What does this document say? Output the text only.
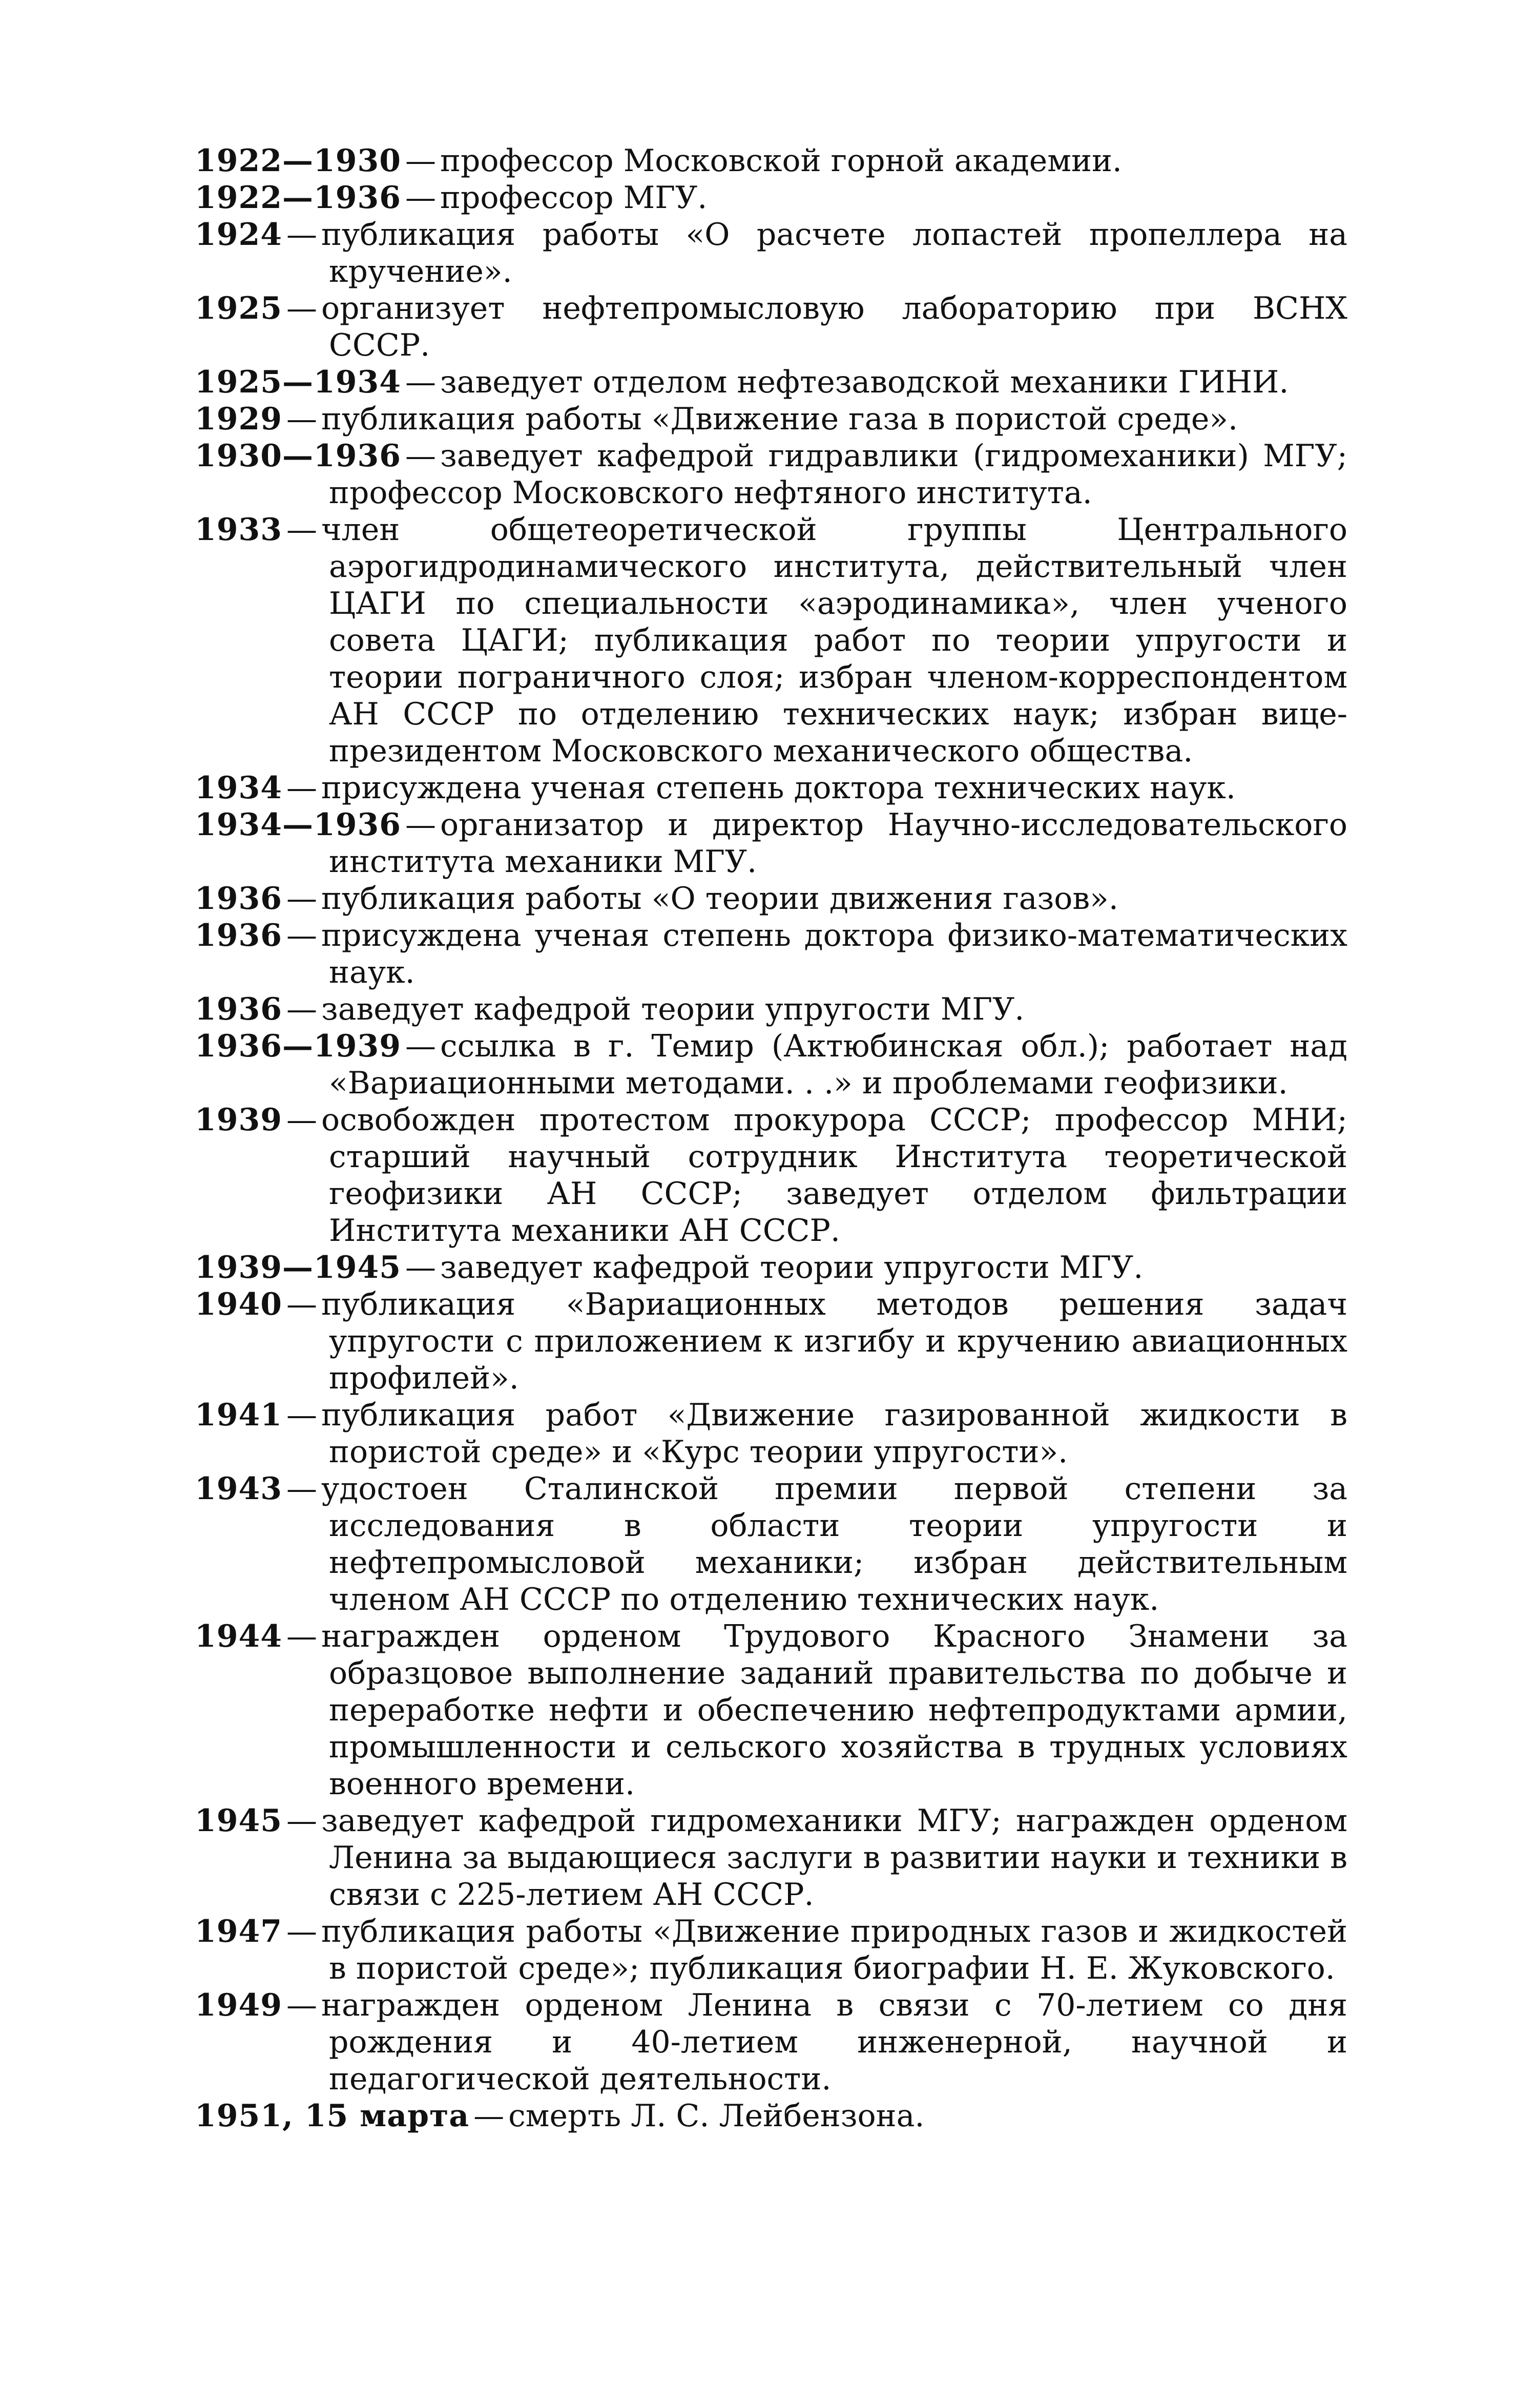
1922—1930 — профессор Московской горной академии.

1922—1936 — профессор МГУ.

1924 — публикация работы «О расчете лопастей пропеллера на кручение».

1925 — организует нефтепромысловую лабораторию при ВСНХ СССР.

1925—1934 — заведует отделом нефтезаводской механики ГИНИ.

1929 — публикация работы «Движение газа в пористой среде».

1930—1936 — заведует кафедрой гидравлики (гидромеханики) МГУ; профессор Московского нефтяного института.

1933 — член общетеоретической группы Центрального аэрогидродинамического института, действительный член ЦАГИ по специальности «аэродинамика», член ученого совета ЦАГИ; публикация работ по теории упругости и теории пограничного слоя; избран членом-корреспондентом АН СССР по отделению технических наук; избран вице-президентом Московского механического общества.

1934 — присуждена ученая степень доктора технических наук.

1934—1936 — организатор и директор Научно-исследовательского института механики МГУ.

1936 — публикация работы «О теории движения газов».

1936 — присуждена ученая степень доктора физико-математических наук.

1936 — заведует кафедрой теории упругости МГУ.

1936—1939 — ссылка в г. Темир (Актюбинская обл.); работает над «Вариационными методами. . .» и проблемами геофизики.

1939 — освобожден протестом прокурора СССР; профессор МНИ; старший научный сотрудник Института теоретической геофизики АН СССР; заведует отделом фильтрации Института механики АН СССР.

1939—1945 — заведует кафедрой теории упругости МГУ.

1940 — публикация «Вариационных методов решения задач упругости с приложением к изгибу и кручению авиационных профилей».

1941 — публикация работ «Движение газированной жидкости в пористой среде» и «Курс теории упругости».

1943 — удостоен Сталинской премии первой степени за исследования в области теории упругости и нефтепромысловой механики; избран действительным членом АН СССР по отделению технических наук.

1944 — награжден орденом Трудового Красного Знамени за образцовое выполнение заданий правительства по добыче и переработке нефти и обеспечению нефтепродуктами армии, промышленности и сельского хозяйства в трудных условиях военного времени.

1945 — заведует кафедрой гидромеханики МГУ; награжден орденом Ленина за выдающиеся заслуги в развитии науки и техники в связи с 225-летием АН СССР.

1947 — публикация работы «Движение природных газов и жидкостей в пористой среде»; публикация биографии Н. Е. Жуковского.

1949 — награжден орденом Ленина в связи с 70-летием со дня рождения и 40-летием инженерной, научной и педагогической деятельности.

1951, 15 марта — смерть Л. С. Лейбензона.
